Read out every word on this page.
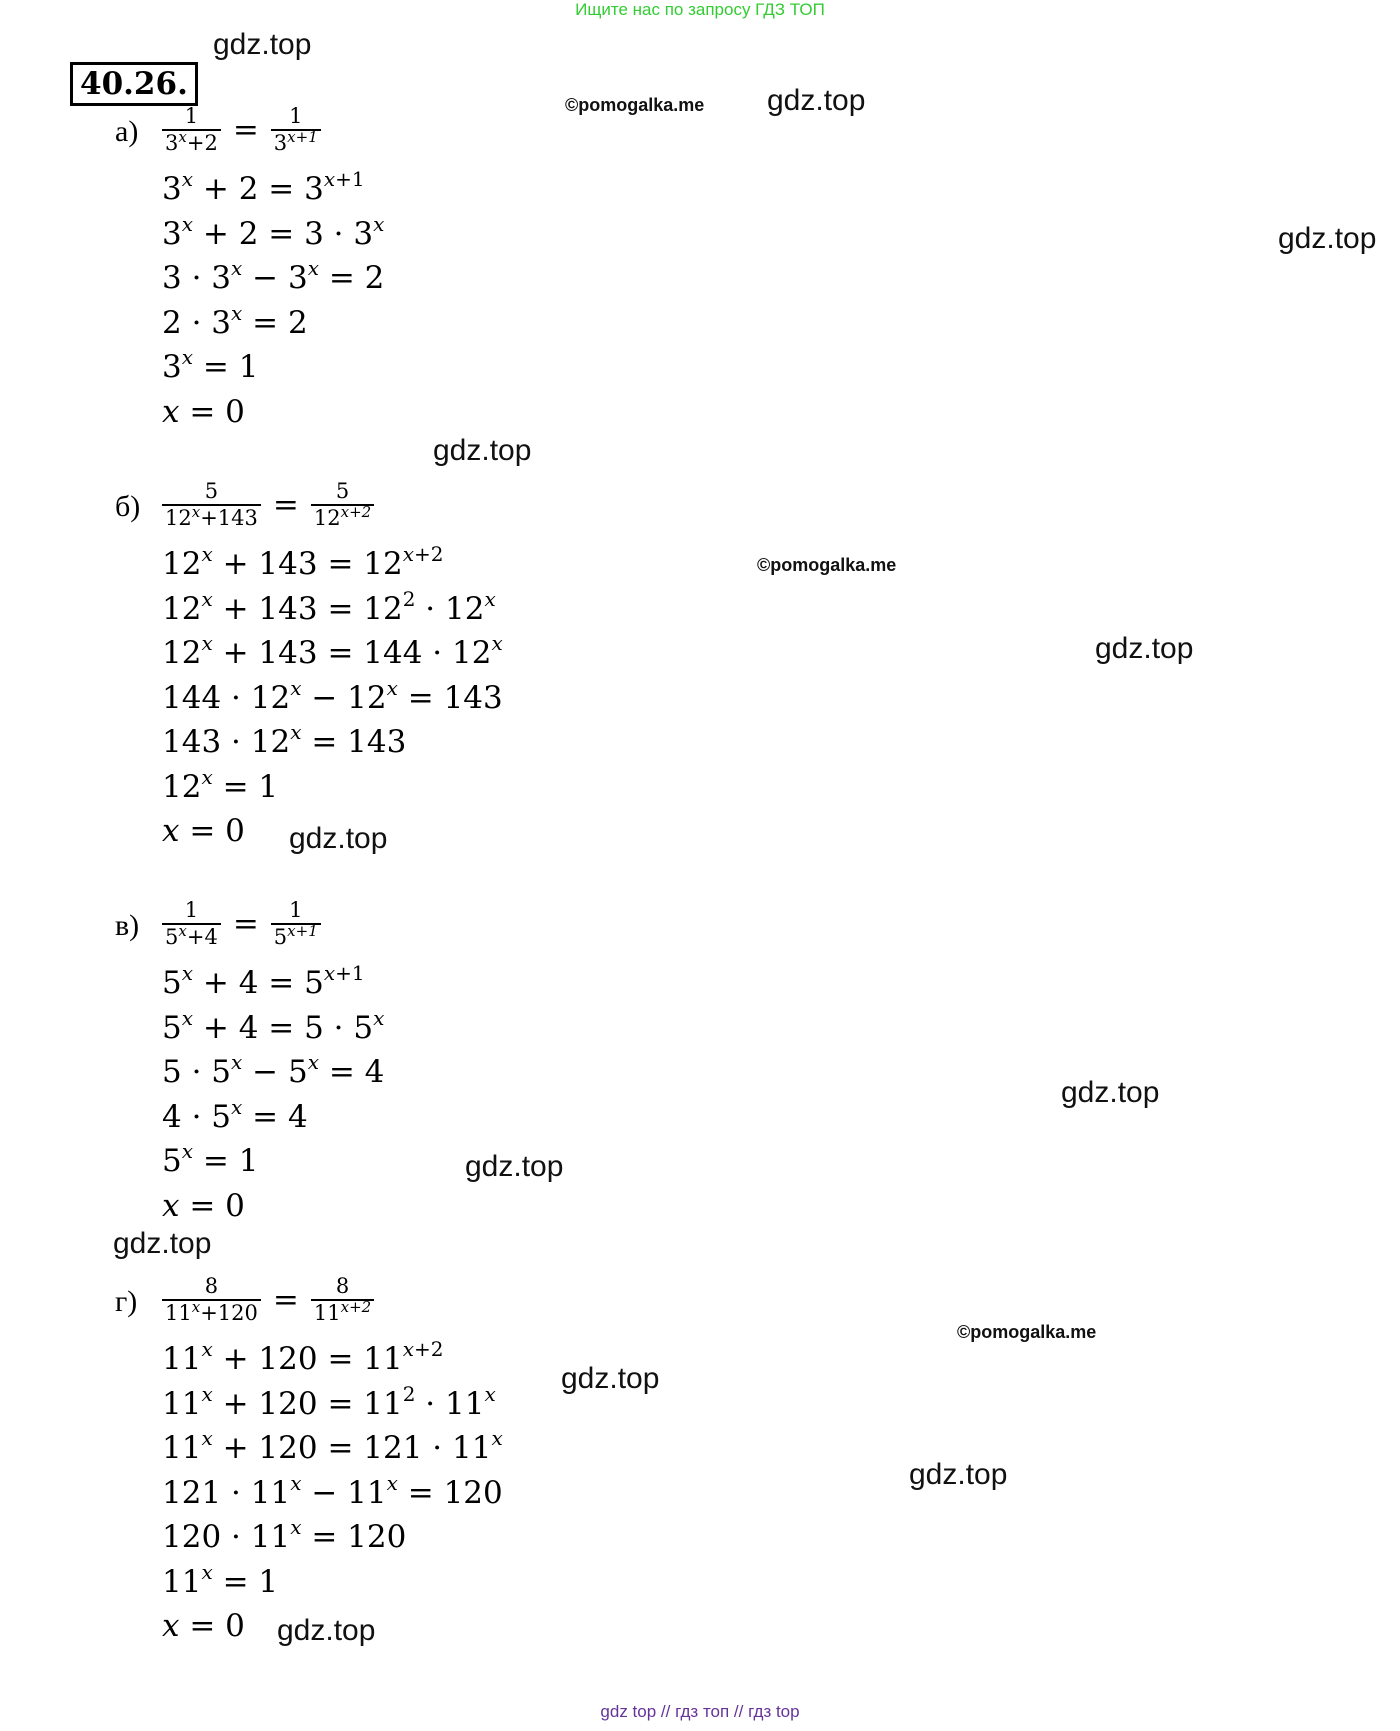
Ищите нас по запросу ГДЗ ТОП
40.26.
gdz.top
gdz.top
gdz.top
gdz.top
gdz.top
gdz.top
gdz.top
gdz.top
gdz.top
gdz.top
gdz.top
gdz.top
©pomogalka.me
©pomogalka.me
©pomogalka.me
$а) \frac{1}{3^x+2} = \frac{1}{3^{x+1}}$
$3^x + 2 = 3^{x+1}$
$3^x + 2 = 3 \cdot 3^x$
$3 \cdot 3^x - 3^x = 2$
$2 \cdot 3^x = 2$
$3^x = 1$
x = 0
$б) \frac{5}{12^x+143} = \frac{5}{12^{x+2}}$
$12^x + 143 = 12^{x+2}$
$12^x + 143 = 12^2 \cdot 12^x$
$12^x + 143 = 144 \cdot 12^x$
$144 \cdot 12^x - 12^x = 143$
$143 \cdot 12^x = 143$
$12^x = 1$
x = 0
$в) \frac{1}{5^x+4} = \frac{1}{5^{x+1}}$
$5^x + 4 = 5^{x+1}$
$5^x + 4 = 5 \cdot 5^x$
$5 \cdot 5^x - 5^x = 4$
$4 \cdot 5^x = 4$
$5^x = 1$
x = 0
$г) \frac{8}{11^x+120} = \frac{8}{11^{x+2}}$
$11^x + 120 = 11^{x+2}$
$11^x + 120 = 11^2 \cdot 11^x$
$11^x + 120 = 121 \cdot 11^x$
$121 \cdot 11^x - 11^x = 120$
$120 \cdot 11^x = 120$
$11^x = 1$
x = 0
gdz top // гдз топ // гдз top
